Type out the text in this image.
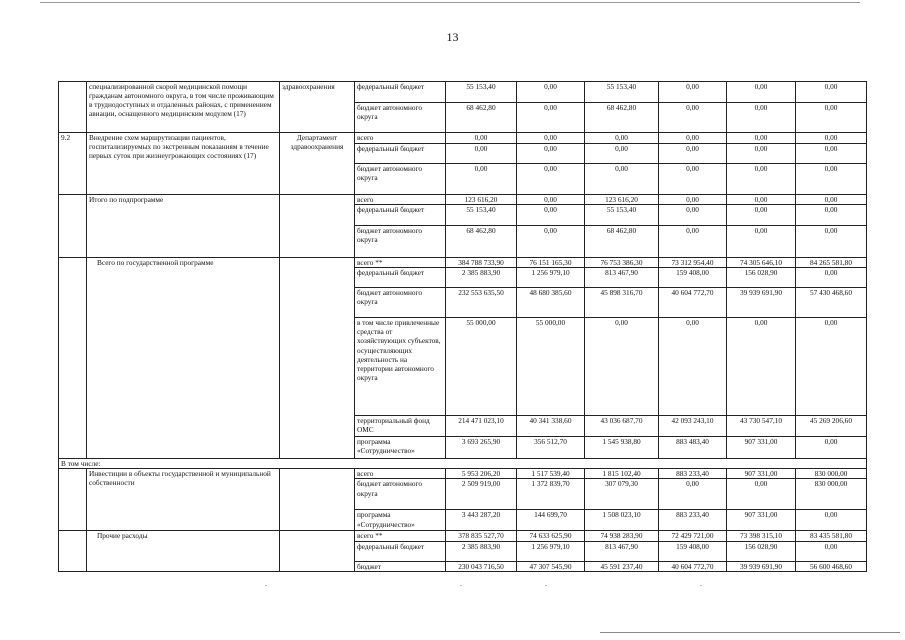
13
	специализированной скорой медицинской помощи гражданам автономного округа, в том числе проживающим в труднодоступных и отдаленных районах, с применением авиации, оснащенного медицинским модулем (17)	здравоохранения	федеральный бюджет	55 153,40	0,00	55 153,40	0,00	0,00	0,00
			бюджет автономного округа	68 462,80	0,00	68 462,80	0,00	0,00	0,00
9.2	Внедрение схем маршрутизации пациентов, госпитализируемых по экстренным показаниям в течение первых суток при жизнеугрожающих состояниях (17)	Департамент здравоохранения	всего	0,00	0,00	0,00	0,00	0,00	0,00
			федеральный бюджет	0,00	0,00	0,00	0,00	0,00	0,00
			бюджет автономного округа	0,00	0,00	0,00	0,00	0,00	0,00
	Итого по подпрограмме		всего	123 616,20	0,00	123 616,20	0,00	0,00	0,00
			федеральный бюджет	55 153,40	0,00	55 153,40	0,00	0,00	0,00
			бюджет автономного округа	68 462,80	0,00	68 462,80	0,00	0,00	0,00
	Всего по государственной программе		всего **	384 788 733,90	76 151 165,30	76 753 386,30	73 312 954,40	74 305 646,10	84 265 581,80
			федеральный бюджет	2 385 883,90	1 256 979,10	813 467,90	159 408,00	156 028,90	0,00
			бюджет автономного округа	232 553 635,50	48 680 385,60	45 898 316,70	40 604 772,70	39 939 691,90	57 430 468,60
			в том числе привлеченные средства от хозяйствующих субъектов, осуществляющих деятельность на территории автономного округа	55 000,00	55 000,00	0,00	0,00	0,00	0,00
			территориальный фонд ОМС	214 471 023,10	40 341 338,60	43 036 687,70	42 093 243,10	43 730 547,10	45 269 206,60
			программа «Сотрудничество»	3 693 265,90	356 512,70	1 545 938,80	883 483,40	907 331,00	0,00
В том числе:									
	Инвестиции в объекты государственной и муниципальной собственности		всего	5 953 206,20	1 517 539,40	1 815 102,40	883 233,40	907 331,00	830 000,00
			бюджет автономного округа	2 509 919,00	1 372 839,70	307 079,30	0,00	0,00	830 000,00
			программа «Сотрудничество»	3 443 287,20	144 699,70	1 508 023,10	883 233,40	907 331,00	0,00
	Прочие расходы		всего **	378 835 527,70	74 633 625,90	74 938 283,90	72 429 721,00	73 398 315,10	83 435 581,80
			федеральный бюджет	2 385 883,90	1 256 979,10	813 467,90	159 408,00	156 028,90	0,00
			бюджет	230 043 716,50	47 307 545,90	45 591 237,40	40 604 772,70	39 939 691,90	56 600 468,60
